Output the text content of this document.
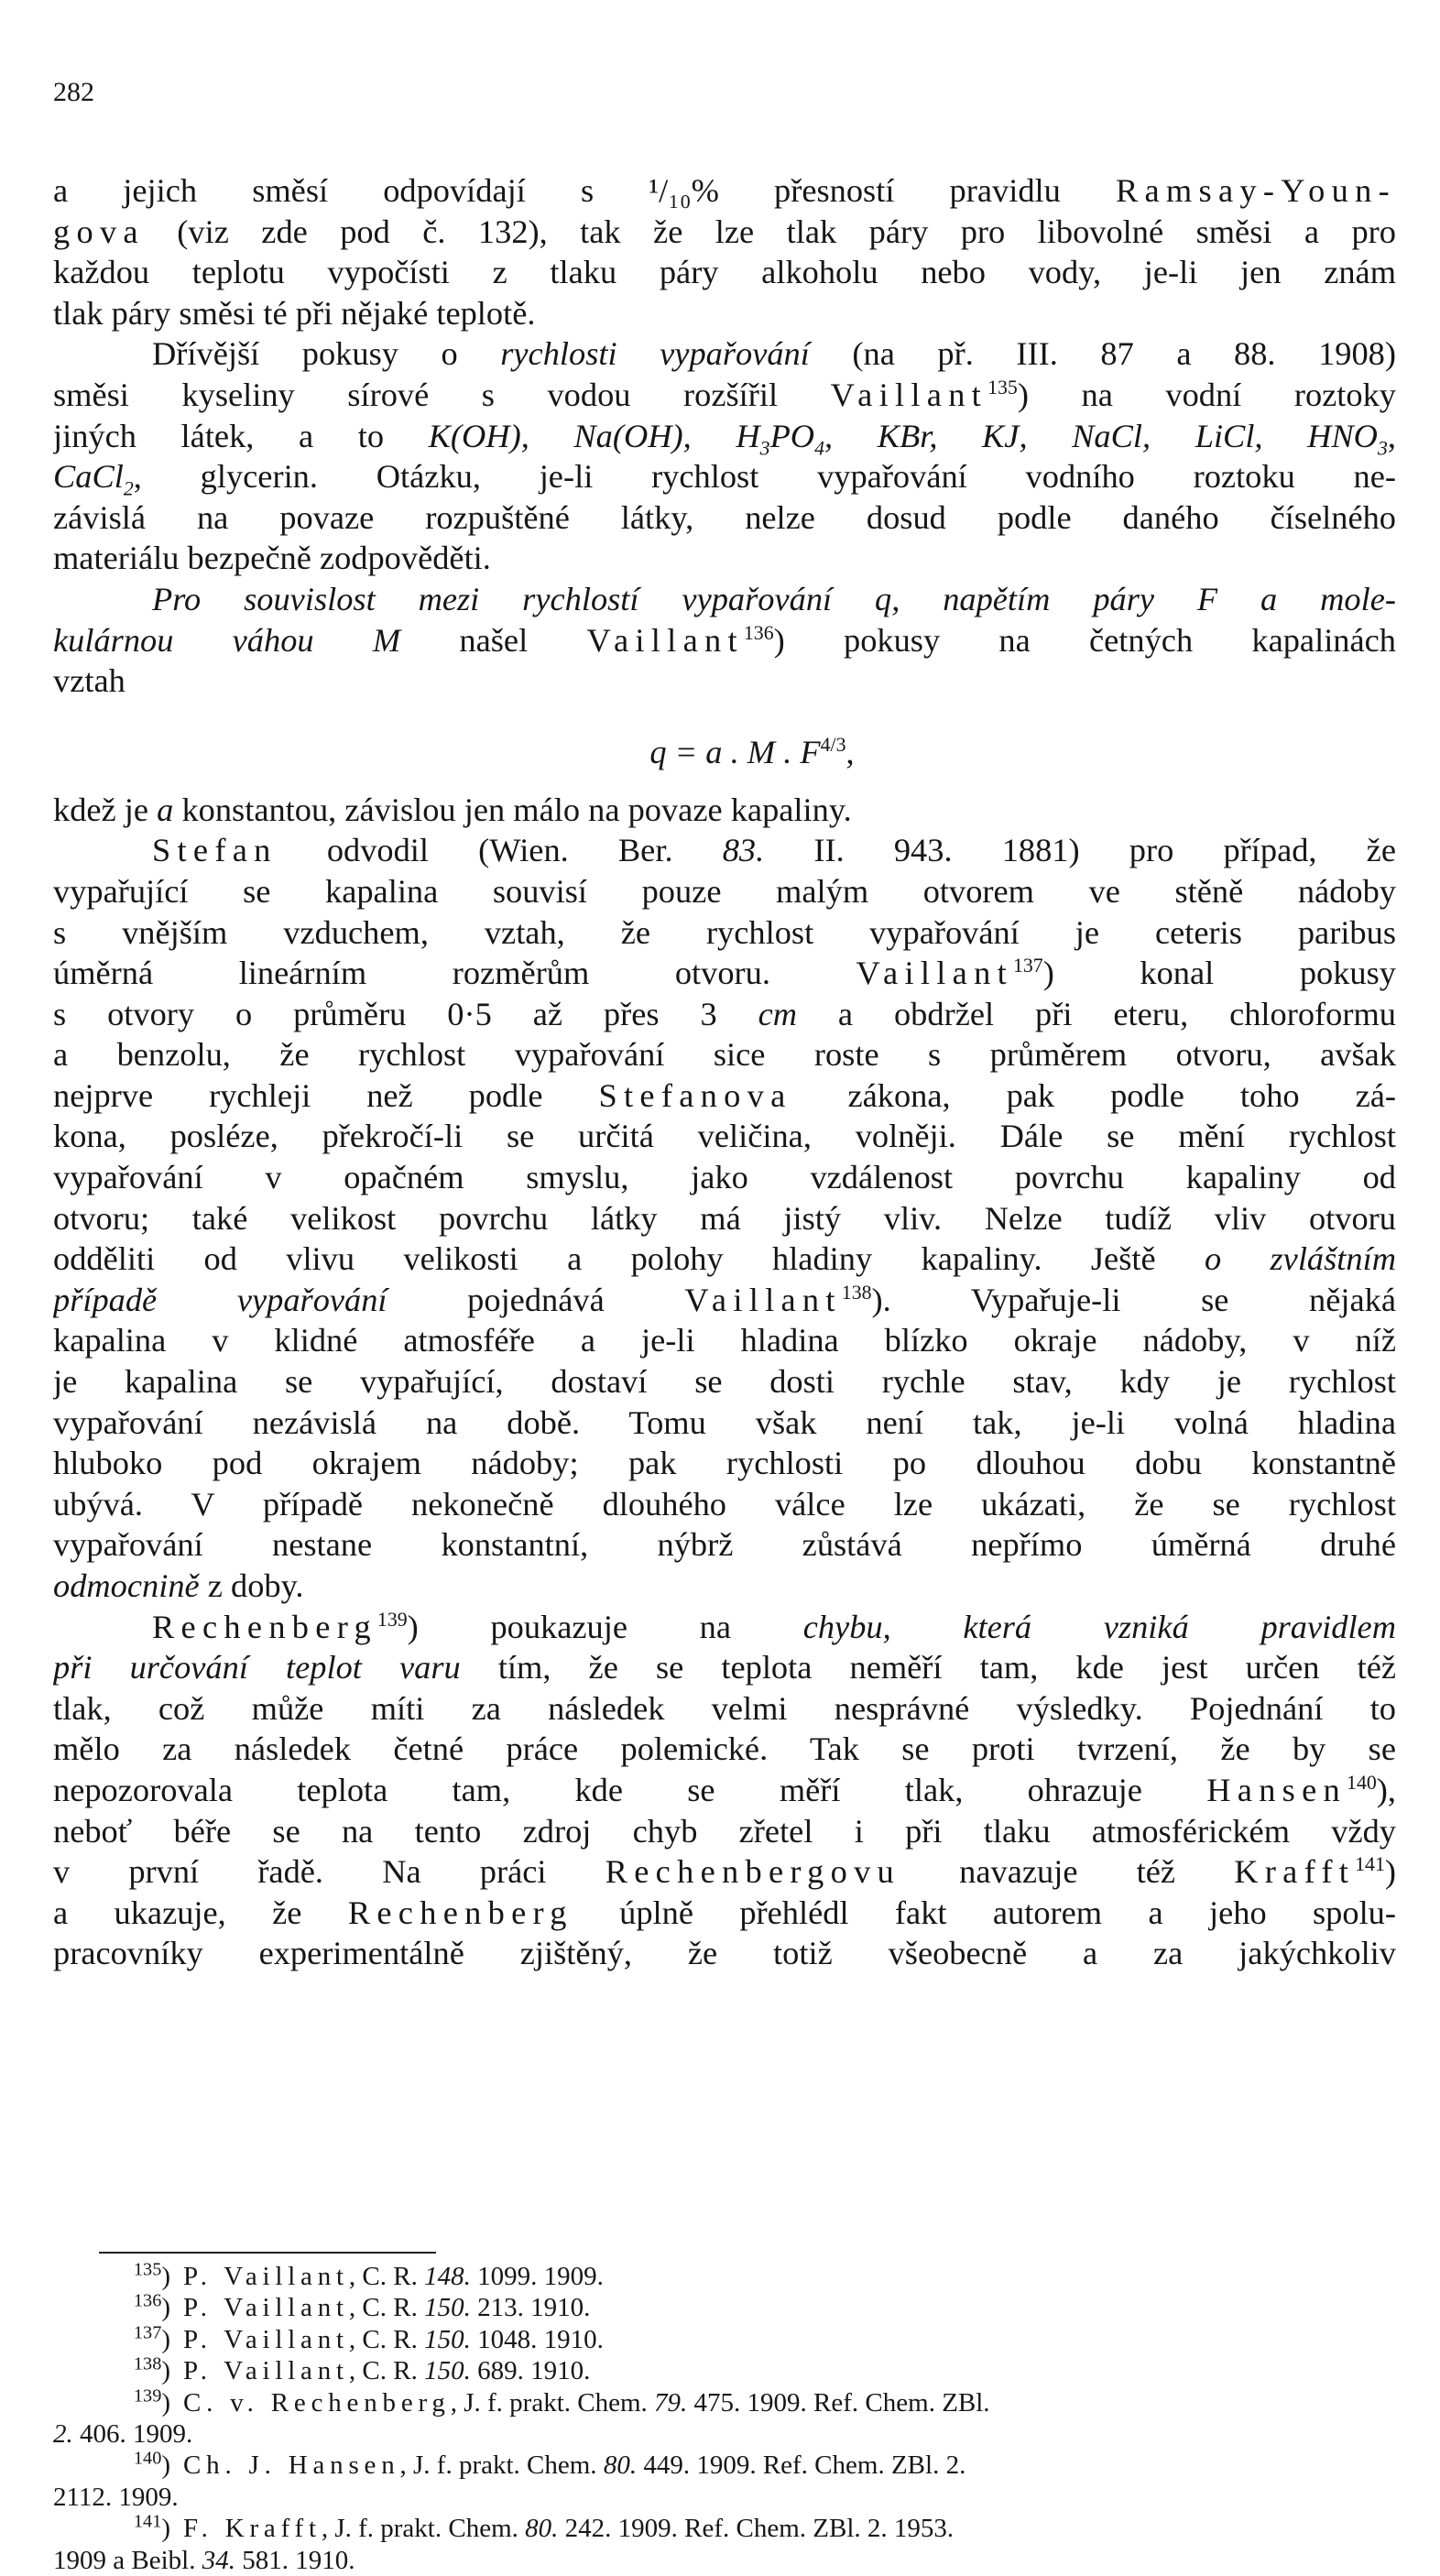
282
a jejich směsí odpovídají s ¹/₁₀% přesností pravidlu Ramsay-Youn-
gova (viz zde pod č. 132), tak že lze tlak páry pro libovolné směsi a pro
každou teplotu vypočísti z tlaku páry alkoholu nebo vody, je-li jen znám
tlak páry směsi té při nějaké teplotě.
Dřívější pokusy o rychlosti vypařování (na př. III. 87 a 88. 1908)
směsi kyseliny sírové s vodou rozšířil Vaillant$^{135}$) na vodní roztoky
jiných látek, a to K(OH), Na(OH), $H_3PO_4$, KBr, KJ, NaCl, LiCl, $HNO_3$,
CaCl$_2$, glycerin. Otázku, je-li rychlost vypařování vodního roztoku ne-
závislá na povaze rozpuštěné látky, nelze dosud podle daného číselného
materiálu bezpečně zodpověděti.
Pro souvislost mezi rychlostí vypařování q, napětím páry F a mole-
kulárnou váhou M našel Vaillant$^{136}$) pokusy na četných kapalinách
vztah
q = a . M . $F^{4/3}$,
kdež je a konstantou, závislou jen málo na povaze kapaliny.
Stefan odvodil (Wien. Ber. 83. II. 943. 1881) pro případ, že
vypařující se kapalina souvisí pouze malým otvorem ve stěně nádoby
s vnějším vzduchem, vztah, že rychlost vypařování je ceteris paribus
úměrná lineárním rozměrům otvoru. Vaillant$^{137}$) konal pokusy
s otvory o průměru 0·5 až přes 3 cm a obdržel při eteru, chloroformu
a benzolu, že rychlost vypařování sice roste s průměrem otvoru, avšak
nejprve rychleji než podle Stefanova zákona, pak podle toho zá-
kona, posléze, překročí-li se určitá veličina, volněji. Dále se mění rychlost
vypařování v opačném smyslu, jako vzdálenost povrchu kapaliny od
otvoru; také velikost povrchu látky má jistý vliv. Nelze tudíž vliv otvoru
odděliti od vlivu velikosti a polohy hladiny kapaliny. Ještě o zvláštním
případě vypařování pojednává Vaillant$^{138}$). Vypařuje-li se nějaká
kapalina v klidné atmosféře a je-li hladina blízko okraje nádoby, v níž
je kapalina se vypařující, dostaví se dosti rychle stav, kdy je rychlost
vypařování nezávislá na době. Tomu však není tak, je-li volná hladina
hluboko pod okrajem nádoby; pak rychlosti po dlouhou dobu konstantně
ubývá. V případě nekonečně dlouhého válce lze ukázati, že se rychlost
vypařování nestane konstantní, nýbrž zůstává nepřímo úměrná druhé
odmocnině z doby.
Rechenberg$^{139}$) poukazuje na chybu, která vzniká pravidlem
při určování teplot varu tím, že se teplota neměří tam, kde jest určen též
tlak, což může míti za následek velmi nesprávné výsledky. Pojednání to
mělo za následek četné práce polemické. Tak se proti tvrzení, že by se
nepozorovala teplota tam, kde se měří tlak, ohrazuje Hansen$^{140}$),
neboť béře se na tento zdroj chyb zřetel i při tlaku atmosférickém vždy
v první řadě. Na práci Rechenbergovu navazuje též Krafft$^{141}$)
a ukazuje, že Rechenberg úplně přehlédl fakt autorem a jeho spolu-
pracovníky experimentálně zjištěný, že totiž všeobecně a za jakýchkoliv
$^{135}$) P. Vaillant, C. R. 148. 1099. 1909.
$^{136}$) P. Vaillant, C. R. 150. 213. 1910.
$^{137}$) P. Vaillant, C. R. 150. 1048. 1910.
$^{138}$) P. Vaillant, C. R. 150. 689. 1910.
$^{139}$) C. v. Rechenberg, J. f. prakt. Chem. 79. 475. 1909. Ref. Chem. ZBl.
2. 406. 1909.
$^{140}$) Ch. J. Hansen, J. f. prakt. Chem. 80. 449. 1909. Ref. Chem. ZBl. 2.
2112. 1909.
$^{141}$) F. Krafft, J. f. prakt. Chem. 80. 242. 1909. Ref. Chem. ZBl. 2. 1953.
1909 a Beibl. 34. 581. 1910.
